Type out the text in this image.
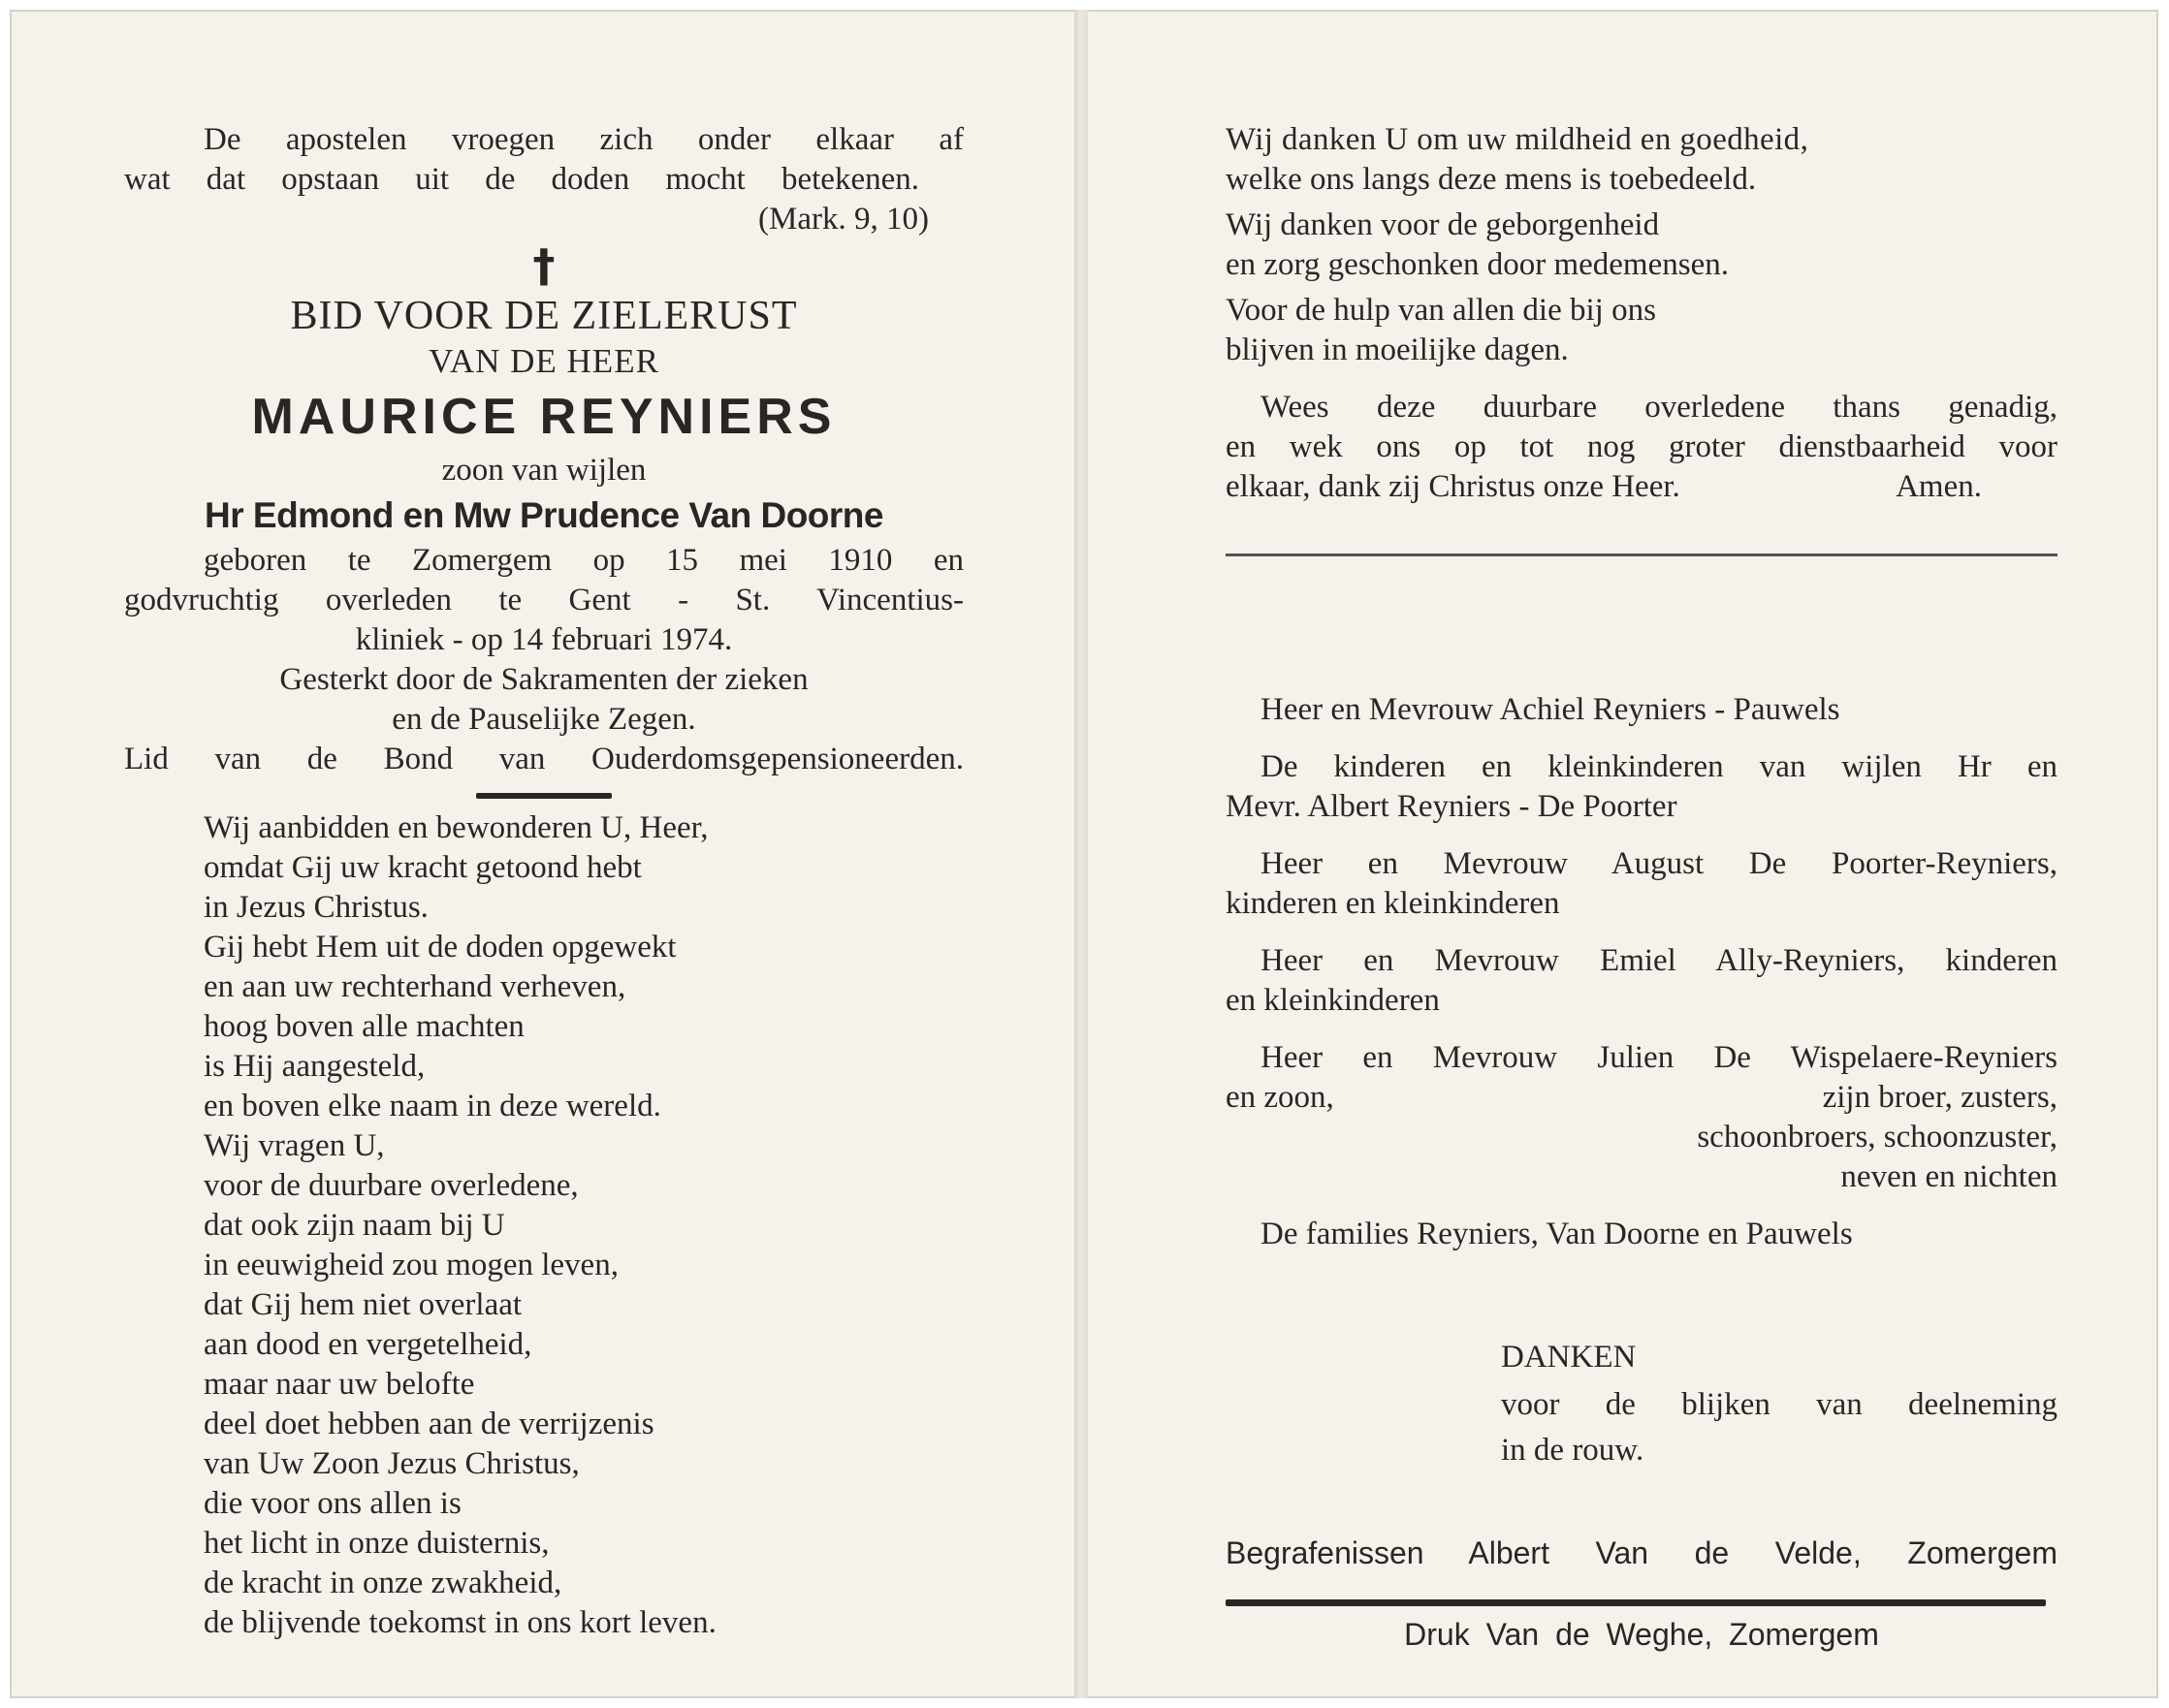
De apostelen vroegen zich onder elkaar af
wat dat opstaan uit de doden mocht betekenen.
(Mark. 9, 10)
†
BID VOOR DE ZIELERUST
VAN DE HEER
MAURICE REYNIERS
zoon van wijlen
Hr Edmond en Mw Prudence Van Doorne
geboren te Zomergem op 15 mei 1910 en
godvruchtig overleden te Gent - St. Vincentius-
kliniek - op 14 februari 1974.
Gesterkt door de Sakramenten der zieken
en de Pauselijke Zegen.
Lid van de Bond van Ouderdomsgepensioneerden.
Wij aanbidden en bewonderen U, Heer,
omdat Gij uw kracht getoond hebt
in Jezus Christus.
Gij hebt Hem uit de doden opgewekt
en aan uw rechterhand verheven,
hoog boven alle machten
is Hij aangesteld,
en boven elke naam in deze wereld.
Wij vragen U,
voor de duurbare overledene,
dat ook zijn naam bij U
in eeuwigheid zou mogen leven,
dat Gij hem niet overlaat
aan dood en vergetelheid,
maar naar uw belofte
deel doet hebben aan de verrijzenis
van Uw Zoon Jezus Christus,
die voor ons allen is
het licht in onze duisternis,
de kracht in onze zwakheid,
de blijvende toekomst in ons kort leven.
Wij danken U om uw mildheid en goedheid,
welke ons langs deze mens is toebedeeld.
Wij danken voor de geborgenheid
en zorg geschonken door medemensen.
Voor de hulp van allen die bij ons
blijven in moeilijke dagen.
Wees deze duurbare overledene thans genadig,
en wek ons op tot nog groter dienstbaarheid voor
elkaar, dank zij Christus onze Heer.	Amen.
Heer en Mevrouw Achiel Reyniers - Pauwels
De kinderen en kleinkinderen van wijlen Hr en
Mevr. Albert Reyniers - De Poorter
Heer en Mevrouw August De Poorter-Reyniers,
kinderen en kleinkinderen
Heer en Mevrouw Emiel Ally-Reyniers, kinderen
en kleinkinderen
Heer en Mevrouw Julien De Wispelaere-Reyniers
en zoon,	zijn broer, zusters,
schoonbroers, schoonzuster,
neven en nichten
De families Reyniers, Van Doorne en Pauwels
DANKEN
voor de blijken van deelneming
in de rouw.
Begrafenissen Albert Van de Velde, Zomergem
Druk Van de Weghe, Zomergem
